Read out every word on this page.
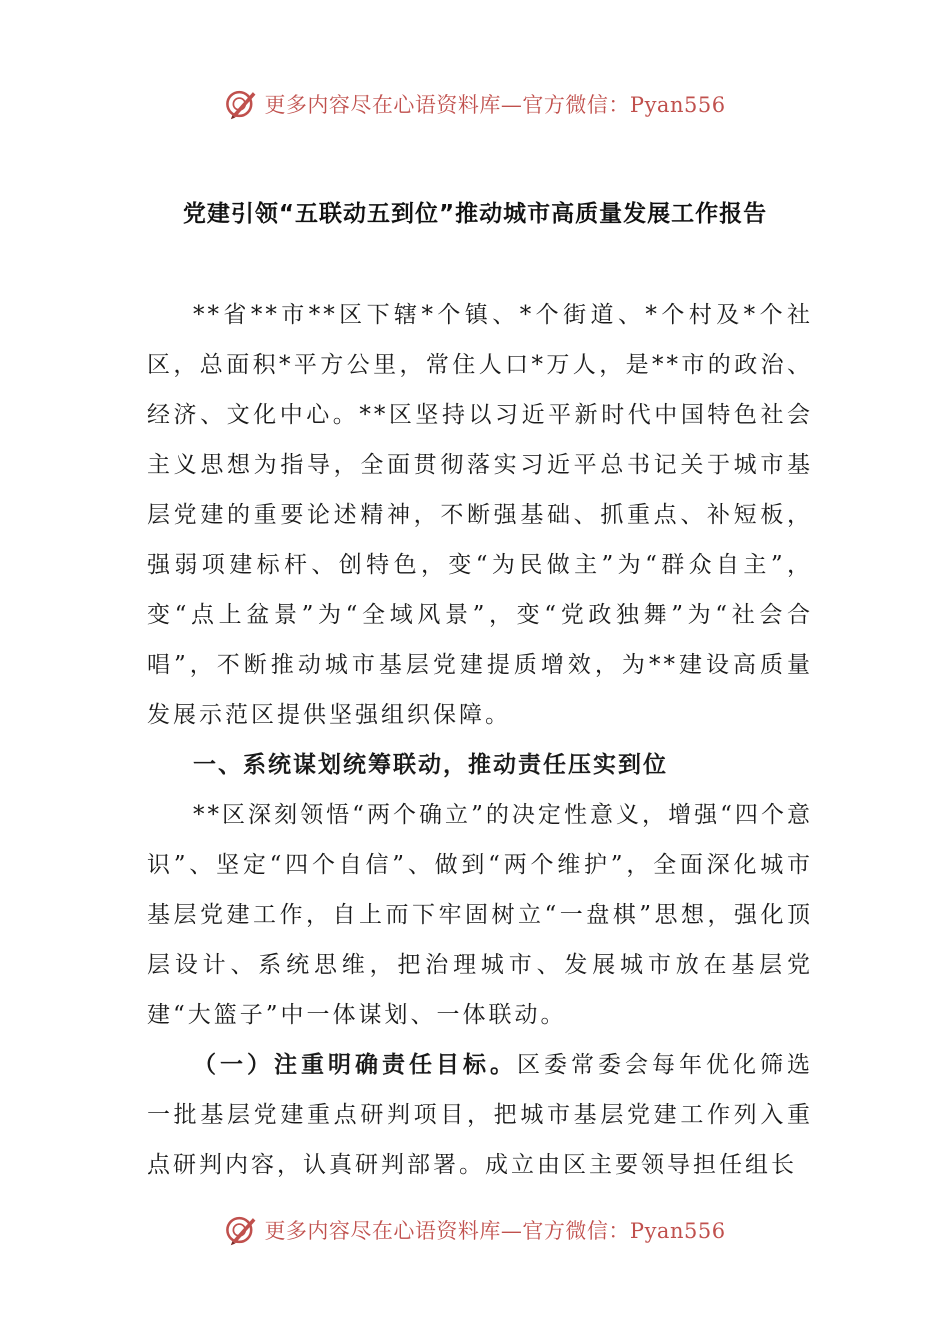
更多内容尽在心语资料库—官方微信：Pyan556
党建引领“五联动五到位”推动城市高质量发展工作报告

**省**市**区下辖*个镇、*个街道、*个村及*个社区，总面积*平方公里，常住人口*万人，是**市的政治、经济、文化中心。**区坚持以习近平新时代中国特色社会主义思想为指导，全面贯彻落实习近平总书记关于城市基层党建的重要论述精神，不断强基础、抓重点、补短板，强弱项建标杆、创特色，变“为民做主”为“群众自主”，变“点上盆景”为“全域风景”，变“党政独舞”为“社会合唱”，不断推动城市基层党建提质增效，为**建设高质量发展示范区提供坚强组织保障。

一、系统谋划统筹联动，推动责任压实到位

**区深刻领悟“两个确立”的决定性意义，增强“四个意识”、坚定“四个自信”、做到“两个维护”，全面深化城市基层党建工作，自上而下牢固树立“一盘棋”思想，强化顶层设计、系统思维，把治理城市、发展城市放在基层党建“大篮子”中一体谋划、一体联动。

（一）注重明确责任目标。区委常委会每年优化筛选一批基层党建重点研判项目，把城市基层党建工作列入重点研判内容，认真研判部署。成立由区主要领导担任组长

更多内容尽在心语资料库—官方微信：Pyan556
